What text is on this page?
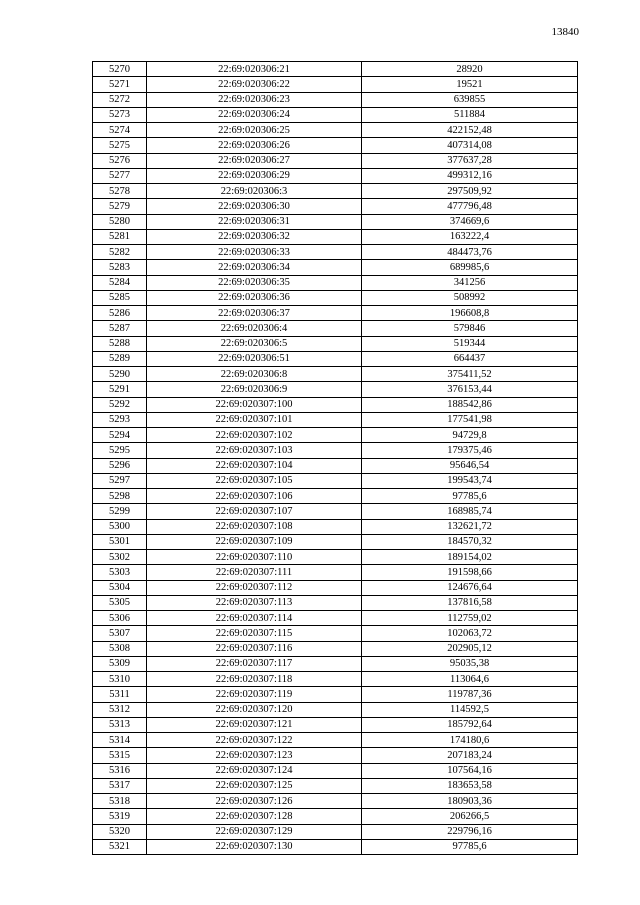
13840
5270	22:69:020306:21	28920
5271	22:69:020306:22	19521
5272	22:69:020306:23	639855
5273	22:69:020306:24	511884
5274	22:69:020306:25	422152,48
5275	22:69:020306:26	407314,08
5276	22:69:020306:27	377637,28
5277	22:69:020306:29	499312,16
5278	22:69:020306:3	297509,92
5279	22:69:020306:30	477796,48
5280	22:69:020306:31	374669,6
5281	22:69:020306:32	163222,4
5282	22:69:020306:33	484473,76
5283	22:69:020306:34	689985,6
5284	22:69:020306:35	341256
5285	22:69:020306:36	508992
5286	22:69:020306:37	196608,8
5287	22:69:020306:4	579846
5288	22:69:020306:5	519344
5289	22:69:020306:51	664437
5290	22:69:020306:8	375411,52
5291	22:69:020306:9	376153,44
5292	22:69:020307:100	188542,86
5293	22:69:020307:101	177541,98
5294	22:69:020307:102	94729,8
5295	22:69:020307:103	179375,46
5296	22:69:020307:104	95646,54
5297	22:69:020307:105	199543,74
5298	22:69:020307:106	97785,6
5299	22:69:020307:107	168985,74
5300	22:69:020307:108	132621,72
5301	22:69:020307:109	184570,32
5302	22:69:020307:110	189154,02
5303	22:69:020307:111	191598,66
5304	22:69:020307:112	124676,64
5305	22:69:020307:113	137816,58
5306	22:69:020307:114	112759,02
5307	22:69:020307:115	102063,72
5308	22:69:020307:116	202905,12
5309	22:69:020307:117	95035,38
5310	22:69:020307:118	113064,6
5311	22:69:020307:119	119787,36
5312	22:69:020307:120	114592,5
5313	22:69:020307:121	185792,64
5314	22:69:020307:122	174180,6
5315	22:69:020307:123	207183,24
5316	22:69:020307:124	107564,16
5317	22:69:020307:125	183653,58
5318	22:69:020307:126	180903,36
5319	22:69:020307:128	206266,5
5320	22:69:020307:129	229796,16
5321	22:69:020307:130	97785,6
